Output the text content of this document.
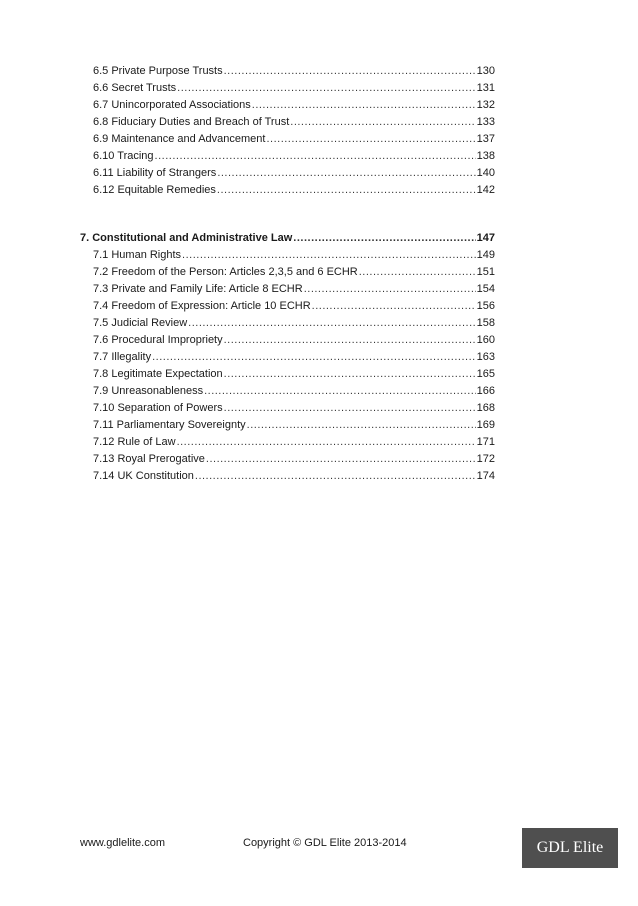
6.5 Private Purpose Trusts .....	130
6.6 Secret Trusts .....	131
6.7 Unincorporated Associations .....	132
6.8 Fiduciary Duties and Breach of Trust .....	133
6.9 Maintenance and Advancement .....	137
6.10 Tracing .....	138
6.11 Liability of Strangers .....	140
6.12 Equitable Remedies .....	142
7. Constitutional and Administrative Law .....	147
7.1 Human Rights .....	149
7.2 Freedom of the Person: Articles 2,3,5 and 6 ECHR .....	151
7.3 Private and Family Life: Article 8 ECHR .....	154
7.4 Freedom of Expression: Article 10 ECHR .....	156
7.5 Judicial Review .....	158
7.6 Procedural Impropriety .....	160
7.7 Illegality .....	163
7.8 Legitimate Expectation .....	165
7.9 Unreasonableness .....	166
7.10 Separation of Powers .....	168
7.11 Parliamentary Sovereignty .....	169
7.12 Rule of Law .....	171
7.13 Royal Prerogative .....	172
7.14 UK Constitution .....	174
www.gdlelite.com	Copyright © GDL Elite 2013-2014	GDL Elite
